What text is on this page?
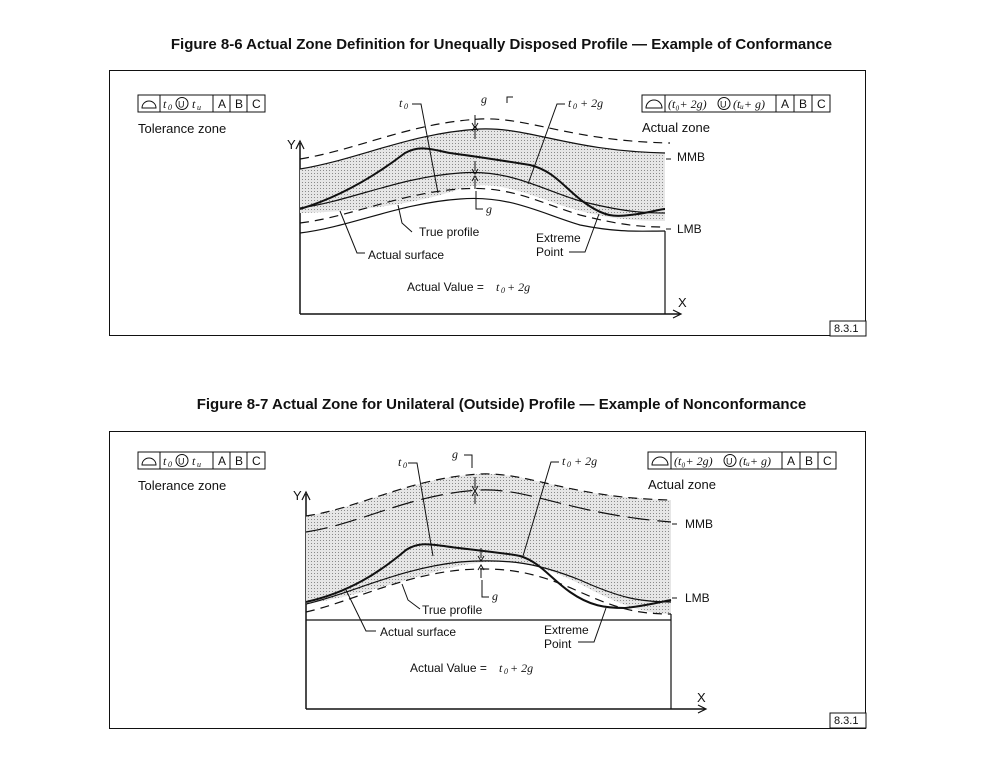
Figure 8-6 Actual Zone Definition for Unequally Disposed Profile — Example of Conformance
t 0 U t u A B C
Tolerance zone
(t₀+ 2g) U (tᵤ+ g) A B C
Actual zone
Y
X
t 0
g
g
t 0 + 2g
MMB
LMB
True profile
Actual surface
Extreme
Point
Actual Value = t 0 + 2g
8.3.1
Figure 8-7 Actual Zone for Unilateral (Outside) Profile — Example of Nonconformance
t 0 U t u A B C
Tolerance zone
(t₀+ 2g) U (tᵤ+ g) A B C
Actual zone
Y
X
t 0
g
g
t 0 + 2g
MMB
LMB
True profile
Actual surface	Extreme
Point
Actual Value = t 0 + 2g
8.3.1
